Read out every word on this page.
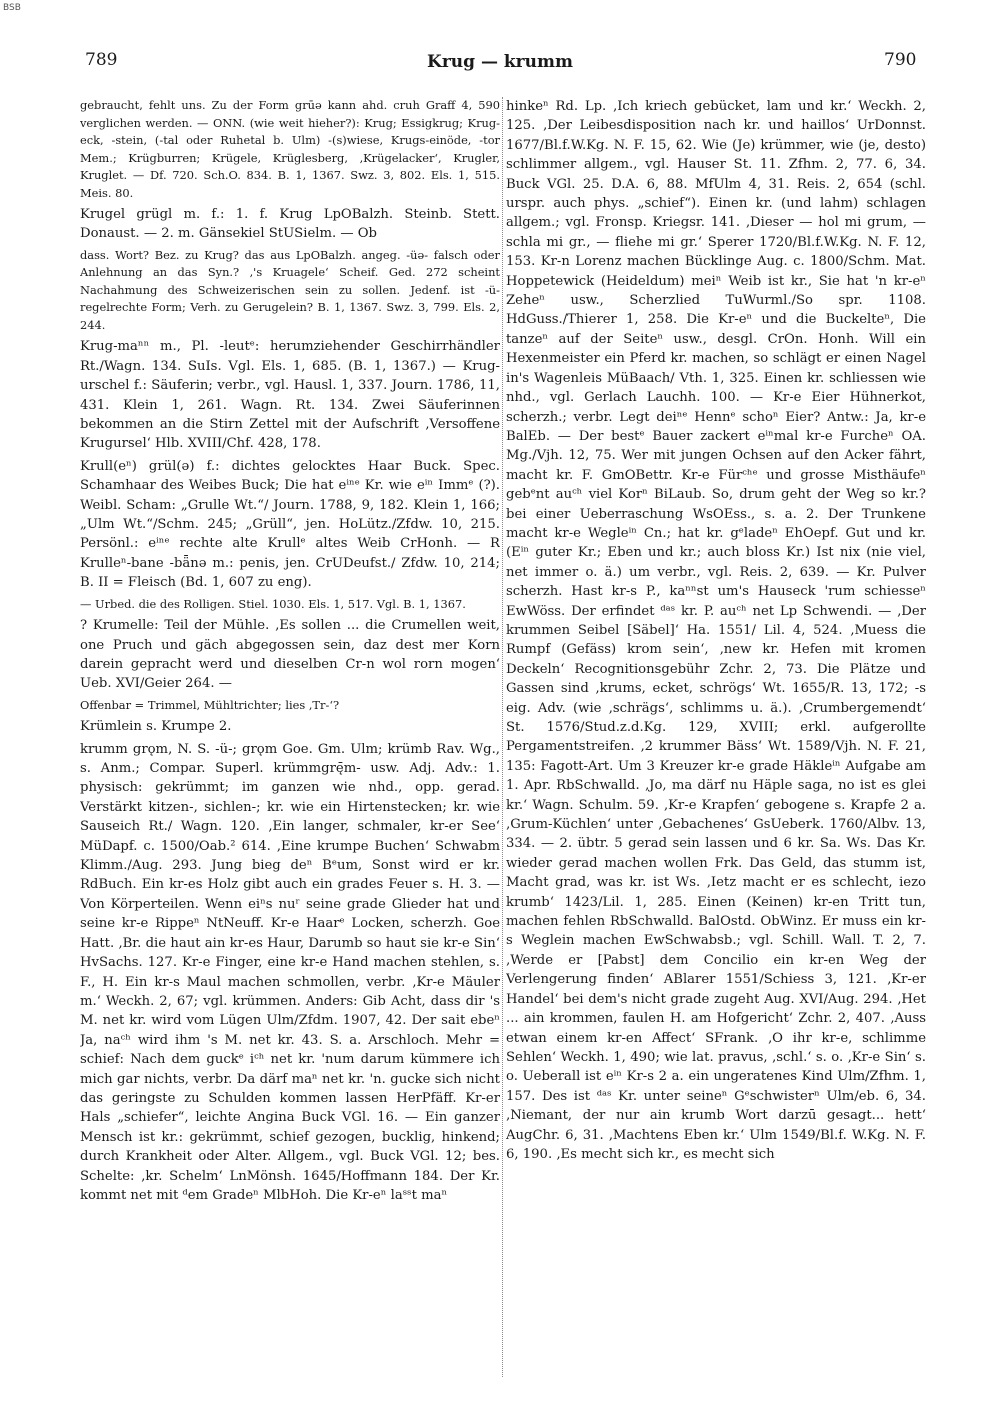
BSB
789	Krug — krumm	790

gebraucht, fehlt uns. Zu der Form grūə kann ahd. cruh Graff 4, 590 verglichen werden. — ONN. (wie weit hieher?): Krug; Essigkrug; Krug-eck, -stein, (-tal oder Ruhetal b. Ulm) -(s)wiese, Krugs-einöde, -tor Mem.; Krügburren; Krügele, Krüglesberg, ‚Krügelacker‘, Krugler, Kruglet. — Df. 720. Sch.O. 834. B. 1, 1367. Swz. 3, 802. Els. 1, 515. Meis. 80.

Krugel grügl m. f.: 1. f. Krug LpOBalzh. Steinb. Stett. Donaust. — 2. m. Gänsekiel StUSielm. — Ob

dass. Wort? Bez. zu Krug? das aus LpOBalzh. angeg. -üə- falsch oder Anlehnung an das Syn.? ‚'s Kruagele‘ Scheif. Ged. 272 scheint Nachahmung des Schweizerischen sein zu sollen. Jedenf. ist -ü- regelrechte Form; Verh. zu Gerugelein? B. 1, 1367. Swz. 3, 799. Els. 2, 244.

Krug-maⁿⁿ m., Pl. -leutᵉ: herumziehender Geschirrhändler Rt./Wagn. 134. SuIs. Vgl. Els. 1, 685. (B. 1, 1367.) — Krug-urschel f.: Säuferin; verbr., vgl. Hausl. 1, 337. Journ. 1786, 11, 431. Klein 1, 261. Wagn. Rt. 134. Zwei Säuferinnen bekommen an die Stirn Zettel mit der Aufschrift ‚Versoffene Krugursel‘ Hlb. XVIII/Chf. 428, 178.

Krull(eⁿ) grül(ə) f.: dichtes gelocktes Haar Buck. Spec. Schamhaar des Weibes Buck; Die hat eⁱⁿᵉ Kr. wie eⁱⁿ Immᵉ (?). Weibl. Scham: „Grulle Wt.“/ Journ. 1788, 9, 182. Klein 1, 166; „Ulm Wt.“/Schm. 245; „Grüll“, jen. HoLütz./Zfdw. 10, 215. Persönl.: eⁱⁿᵉ rechte alte Krullᵉ altes Weib CrHonh. — R Krulleⁿ-bane -bǟnə m.: penis, jen. CrUDeufst./ Zfdw. 10, 214; B. II = Fleisch (Bd. 1, 607 zu eng).

— Urbed. die des Rolligen. Stiel. 1030. Els. 1, 517. Vgl. B. 1, 1367.

? Krumelle: Teil der Mühle. ‚Es sollen ... die Crumellen weit, one Pruch und gäch abgegossen sein, daz dest mer Korn darein gepracht werd und dieselben Cr-n wol rorn mogen‘ Ueb. XVI/Geier 264. —

Offenbar = Trimmel, Mühltrichter; lies ‚Tr-‘?

Krümlein s. Krumpe 2.

krumm grǫm, N. S. -ü-; grǫm Goe. Gm. Ulm; krümb Rav. Wg., s. Anm.; Compar. Superl. krümmgrę̄m- usw. Adj. Adv.: 1. physisch: gekrümmt; im ganzen wie nhd., opp. gerad. Verstärkt kitzen-, sichlen-; kr. wie ein Hirtenstecken; kr. wie Sauseich Rt./ Wagn. 120. ‚Ein langer, schmaler, kr-er See‘ MüDapf. c. 1500/Oab.² 614. ‚Eine krumpe Buchen‘ Schwabm Klimm./Aug. 293. Jung bieg deⁿ Bᵉum, Sonst wird er kr. RdBuch. Ein kr-es Holz gibt auch ein grades Feuer s. H. 3. — Von Körperteilen. Wenn eiⁿs nuʳ seine grade Glieder hat und seine kr-e Rippeⁿ NtNeuff. Kr-e Haarᵉ Locken, scherzh. Goe Hatt. ‚Br. die haut ain kr-es Haur, Darumb so haut sie kr-e Sin‘ HvSachs. 127. Kr-e Finger, eine kr-e Hand machen stehlen, s. F., H. Ein kr-s Maul machen schmollen, verbr. ‚Kr-e Mäuler m.‘ Weckh. 2, 67; vgl. krümmen. Anders: Gib Acht, dass dir 's M. net kr. wird vom Lügen Ulm/Zfdm. 1907, 42. Der sait ebeⁿ Ja, naᶜʰ wird ihm 's M. net kr. 43. S. a. Arschloch. Mehr = schief: Nach dem guckᵉ iᶜʰ net kr. 'num darum kümmere ich mich gar nichts, verbr. Da därf maⁿ net kr. 'n. gucke sich nicht das geringste zu Schulden kommen lassen HerPfäff. Kr-er Hals „schiefer“, leichte Angina Buck VGl. 16. — Ein ganzer Mensch ist kr.: gekrümmt, schief gezogen, bucklig, hinkend; durch Krankheit oder Alter. Allgem., vgl. Buck VGl. 12; bes. Schelte: ‚kr. Schelm‘ LnMönsh. 1645/Hoffmann 184. Der Kr. kommt net mit ᵈem Gradeⁿ MlbHoh. Die Kr-eⁿ laˢˢt maⁿ

hinkeⁿ Rd. Lp. ‚Ich kriech gebücket, lam und kr.‘ Weckh. 2, 125. ‚Der Leibesdisposition nach kr. und haillos‘ UrDonnst. 1677/Bl.f.W.Kg. N. F. 15, 62. Wie (Je) krümmer, wie (je, desto) schlimmer allgem., vgl. Hauser St. 11. Zfhm. 2, 77. 6, 34. Buck VGl. 25. D.A. 6, 88. MfUlm 4, 31. Reis. 2, 654 (schl. urspr. auch phys. „schief“). Einen kr. (und lahm) schlagen allgem.; vgl. Fronsp. Kriegsr. 141. ‚Dieser — hol mi grum, — schla mi gr., — fliehe mi gr.‘ Sperer 1720/Bl.f.W.Kg. N. F. 12, 153. Kr-n Lorenz machen Bücklinge Aug. c. 1800/Schm. Mat. Hoppetewick (Heideldum) meiⁿ Weib ist kr., Sie hat 'n kr-eⁿ Zeheⁿ usw., Scherzlied TuWurml./So spr. 1108. HdGuss./Thierer 1, 258. Die Kr-eⁿ und die Buckelteⁿ, Die tanzeⁿ auf der Seiteⁿ usw., desgl. CrOn. Honh. Will ein Hexenmeister ein Pferd kr. machen, so schlägt er einen Nagel in's Wagenleis MüBaach/ Vth. 1, 325. Einen kr. schliessen wie nhd., vgl. Gerlach Lauchh. 100. — Kr-e Eier Hühnerkot, scherzh.; verbr. Legt deiⁿᵉ Hennᵉ schoⁿ Eier? Antw.: Ja, kr-e BalEb. — Der bestᵉ Bauer zackert eⁱⁿmal kr-e Furcheⁿ OA. Mg./Vjh. 12, 75. Wer mit jungen Ochsen auf den Acker fährt, macht kr. F. GmOBettr. Kr-e Fürᶜʰᵉ und grosse Misthäufeⁿ gebᵉnt auᶜʰ viel Korⁿ BiLaub. So, drum geht der Weg so kr.? bei einer Ueberraschung WsOEss., s. a. 2. Der Trunkene macht kr-e Wegleⁱⁿ Cn.; hat kr. gᵉladeⁿ EhOepf. Gut und kr. (Eⁱⁿ guter Kr.; Eben und kr.; auch bloss Kr.) Ist nix (nie viel, net immer o. ä.) um verbr., vgl. Reis. 2, 639. — Kr. Pulver scherzh. Hast kr-s P., kaⁿⁿst um's Hauseck 'rum schiesseⁿ EwWöss. Der erfindet ᵈᵃˢ kr. P. auᶜʰ net Lp Schwendi. — ‚Der krummen Seibel [Säbel]‘ Ha. 1551/ Lil. 4, 524. ‚Muess die Rumpf (Gefäss) krom sein‘, ‚new kr. Hefen mit kromen Deckeln‘ Recognitionsgebühr Zchr. 2, 73. Die Plätze und Gassen sind ‚krums, ecket, schrögs‘ Wt. 1655/R. 13, 172; -s eig. Adv. (wie ‚schrägs‘, schlimms u. ä.). ‚Crumbergemendt‘ St. 1576/Stud.z.d.Kg. 129, XVIII; erkl. aufgerollte Pergamentstreifen. ‚2 krummer Bäss‘ Wt. 1589/Vjh. N. F. 21, 135: Fagott-Art. Um 3 Kreuzer kr-e grade Häkleⁱⁿ Aufgabe am 1. Apr. RbSchwalld. ‚Jo, ma därf nu Häple saga, no ist es glei kr.‘ Wagn. Schulm. 59. ‚Kr-e Krapfen‘ gebogene s. Krapfe 2 a. ‚Grum-Küchlen‘ unter ‚Gebachenes‘ GsUeberk. 1760/Albv. 13, 334. — 2. übtr. 5 gerad sein lassen und 6 kr. Sa. Ws. Das Kr. wieder gerad machen wollen Frk. Das Geld, das stumm ist, Macht grad, was kr. ist Ws. ‚Ietz macht er es schlecht, iezo krumb‘ 1423/Lil. 1, 285. Einen (Keinen) kr-en Tritt tun, machen fehlen RbSchwalld. BalOstd. ObWinz. Er muss ein kr-s Weglein machen EwSchwabsb.; vgl. Schill. Wall. T. 2, 7. ‚Werde er [Pabst] dem Concilio ein kr-en Weg der Verlengerung finden‘ ABlarer 1551/Schiess 3, 121. ‚Kr-er Handel‘ bei dem's nicht grade zugeht Aug. XVI/Aug. 294. ‚Het ... ain krommen, faulen H. am Hofgericht‘ Zchr. 2, 407. ‚Auss etwan einem kr-en Affect‘ SFrank. ‚O ihr kr-e, schlimme Sehlen‘ Weckh. 1, 490; wie lat. pravus, ‚schl.‘ s. o. ‚Kr-e Sin‘ s. o. Ueberall ist eⁱⁿ Kr-s 2 a. ein ungeratenes Kind Ulm/Zfhm. 1, 157. Des ist ᵈᵃˢ Kr. unter seineⁿ Gᵉschwisterⁿ Ulm/eb. 6, 34. ‚Niemant, der nur ain krumb Wort darzū gesagt... hett‘ AugChr. 6, 31. ‚Machtens Eben kr.‘ Ulm 1549/Bl.f. W.Kg. N. F. 6, 190. ‚Es mecht sich kr., es mecht sich
